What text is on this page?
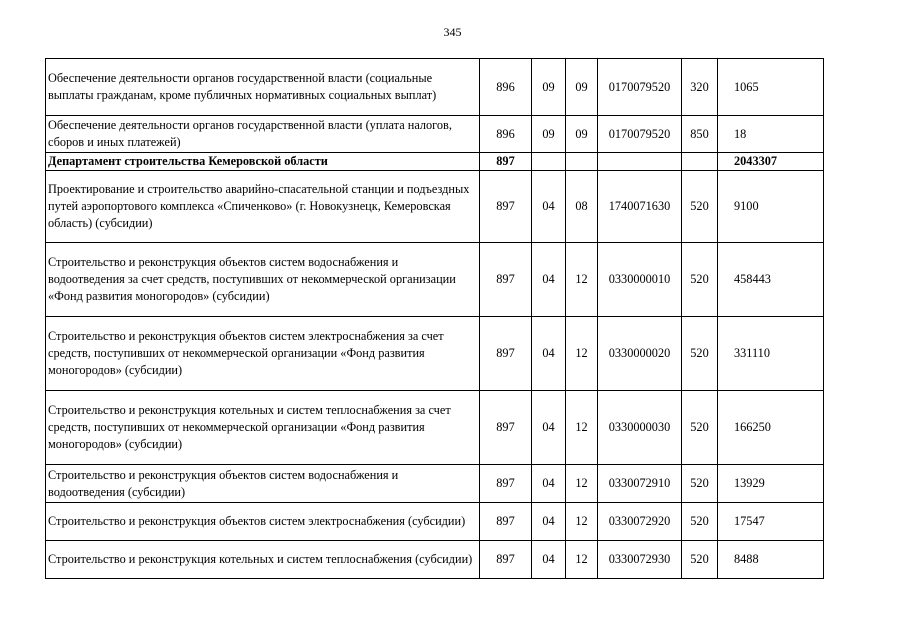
345
Обеспечение деятельности органов государственной власти (социальные выплаты гражданам, кроме публичных нормативных социальных выплат)	896	09	09	0170079520	320	1065
Обеспечение деятельности органов государственной власти (уплата налогов, сборов и иных платежей)	896	09	09	0170079520	850	18
Департамент строительства Кемеровской области	897					2043307
Проектирование и строительство аварийно-спасательной станции и подъездных путей аэропортового комплекса «Спиченково» (г. Новокузнецк, Кемеровская область) (субсидии)	897	04	08	1740071630	520	9100
Строительство и реконструкция объектов систем водоснабжения и водоотведения за счет средств, поступивших от некоммерческой организации «Фонд развития моногородов» (субсидии)	897	04	12	0330000010	520	458443
Строительство и реконструкция объектов систем электроснабжения за счет средств, поступивших от некоммерческой организации «Фонд развития моногородов» (субсидии)	897	04	12	0330000020	520	331110
Строительство и реконструкция котельных и систем теплоснабжения за счет средств, поступивших от некоммерческой организации «Фонд развития моногородов» (субсидии)	897	04	12	0330000030	520	166250
Строительство и реконструкция объектов систем водоснабжения и водоотведения (субсидии)	897	04	12	0330072910	520	13929
Строительство и реконструкция объектов систем электроснабжения (субсидии)	897	04	12	0330072920	520	17547
Строительство и реконструкция котельных и систем теплоснабжения (субсидии)	897	04	12	0330072930	520	8488
